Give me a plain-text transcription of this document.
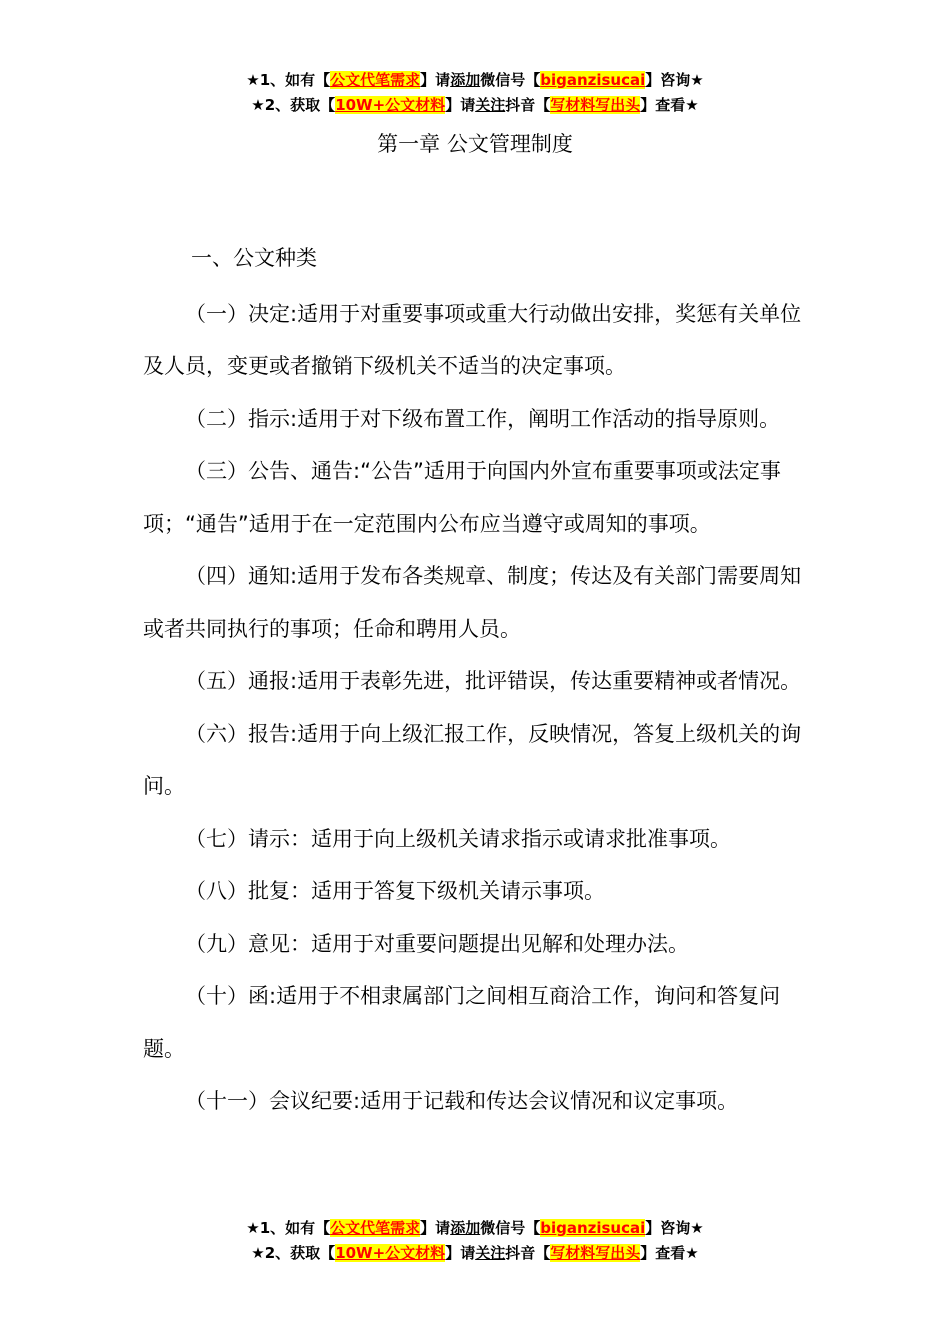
★1、如有【公文代笔需求】请添加微信号【biganzisucai】咨询★
★2、获取【10W+公文材料】请关注抖音【写材料写出头】查看★
第一章 公文管理制度

一、公文种类

（一）决定:适用于对重要事项或重大行动做出安排，奖惩有关单位及人员，变更或者撤销下级机关不适当的决定事项。

（二）指示:适用于对下级布置工作，阐明工作活动的指导原则。

（三）公告、通告:“公告”适用于向国内外宣布重要事项或法定事项；“通告”适用于在一定范围内公布应当遵守或周知的事项。

（四）通知:适用于发布各类规章、制度；传达及有关部门需要周知或者共同执行的事项；任命和聘用人员。

（五）通报:适用于表彰先进，批评错误，传达重要精神或者情况。

（六）报告:适用于向上级汇报工作，反映情况，答复上级机关的询问。

（七）请示：适用于向上级机关请求指示或请求批准事项。

（八）批复：适用于答复下级机关请示事项。

（九）意见：适用于对重要问题提出见解和处理办法。

（十）函:适用于不相隶属部门之间相互商洽工作，询问和答复问题。

（十一）会议纪要:适用于记载和传达会议情况和议定事项。

★1、如有【公文代笔需求】请添加微信号【biganzisucai】咨询★
★2、获取【10W+公文材料】请关注抖音【写材料写出头】查看★
